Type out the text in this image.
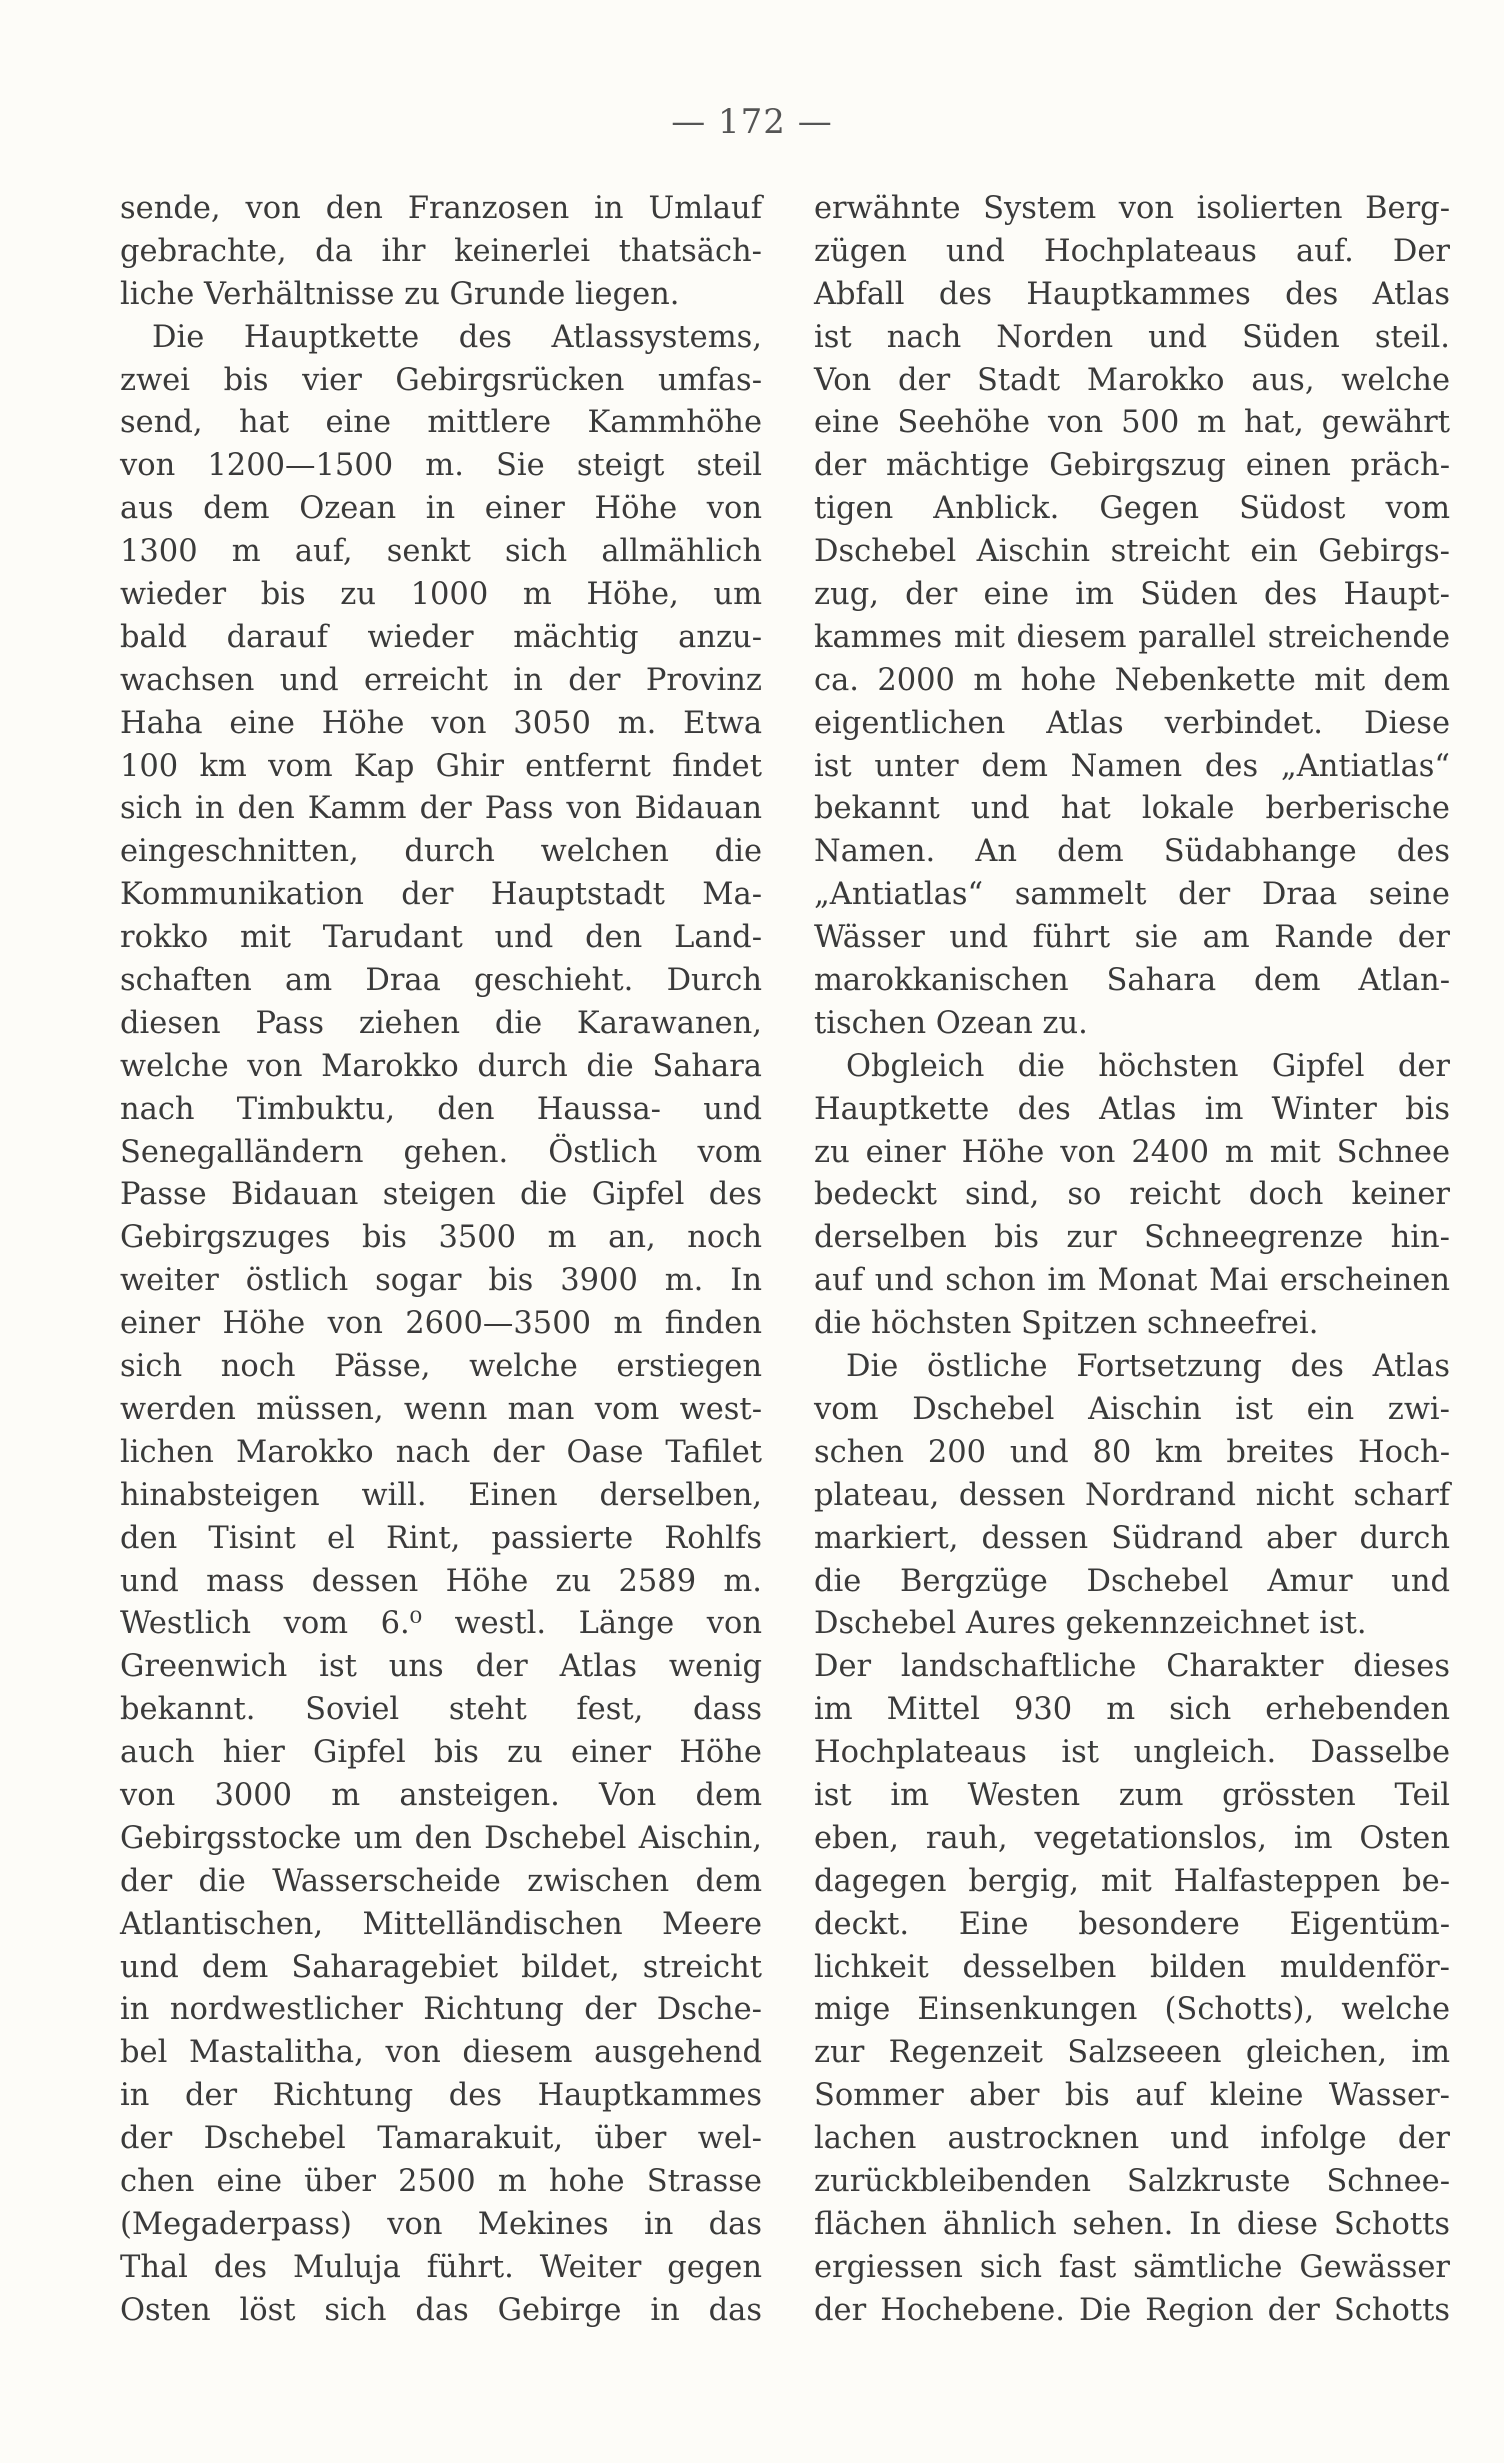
— 172 —
sende, von den Franzosen in Umlauf
gebrachte, da ihr keinerlei thatsäch-
liche Verhältnisse zu Grunde liegen.
Die Hauptkette des Atlassystems,
zwei bis vier Gebirgsrücken umfas-
send, hat eine mittlere Kammhöhe
von 1200—1500 m. Sie steigt steil
aus dem Ozean in einer Höhe von
1300 m auf, senkt sich allmählich
wieder bis zu 1000 m Höhe, um
bald darauf wieder mächtig anzu-
wachsen und erreicht in der Provinz
Haha eine Höhe von 3050 m. Etwa
100 km vom Kap Ghir entfernt findet
sich in den Kamm der Pass von Bidauan
eingeschnitten, durch welchen die
Kommunikation der Hauptstadt Ma-
rokko mit Tarudant und den Land-
schaften am Draa geschieht. Durch
diesen Pass ziehen die Karawanen,
welche von Marokko durch die Sahara
nach Timbuktu, den Haussa- und
Senegalländern gehen. Östlich vom
Passe Bidauan steigen die Gipfel des
Gebirgszuges bis 3500 m an, noch
weiter östlich sogar bis 3900 m. In
einer Höhe von 2600—3500 m finden
sich noch Pässe, welche erstiegen
werden müssen, wenn man vom west-
lichen Marokko nach der Oase Tafilet
hinabsteigen will. Einen derselben,
den Tisint el Rint, passierte Rohlfs
und mass dessen Höhe zu 2589 m.
Westlich vom 6.⁰ westl. Länge von
Greenwich ist uns der Atlas wenig
bekannt. Soviel steht fest, dass
auch hier Gipfel bis zu einer Höhe
von 3000 m ansteigen. Von dem
Gebirgsstocke um den Dschebel Aischin,
der die Wasserscheide zwischen dem
Atlantischen, Mittelländischen Meere
und dem Saharagebiet bildet, streicht
in nordwestlicher Richtung der Dsche-
bel Mastalitha, von diesem ausgehend
in der Richtung des Hauptkammes
der Dschebel Tamarakuit, über wel-
chen eine über 2500 m hohe Strasse
(Megaderpass) von Mekines in das
Thal des Muluja führt. Weiter gegen
Osten löst sich das Gebirge in das
erwähnte System von isolierten Berg-
zügen und Hochplateaus auf. Der
Abfall des Hauptkammes des Atlas
ist nach Norden und Süden steil.
Von der Stadt Marokko aus, welche
eine Seehöhe von 500 m hat, gewährt
der mächtige Gebirgszug einen präch-
tigen Anblick. Gegen Südost vom
Dschebel Aischin streicht ein Gebirgs-
zug, der eine im Süden des Haupt-
kammes mit diesem parallel streichende
ca. 2000 m hohe Nebenkette mit dem
eigentlichen Atlas verbindet. Diese
ist unter dem Namen des „Antiatlas“
bekannt und hat lokale berberische
Namen. An dem Südabhange des
„Antiatlas“ sammelt der Draa seine
Wässer und führt sie am Rande der
marokkanischen Sahara dem Atlan-
tischen Ozean zu.
Obgleich die höchsten Gipfel der
Hauptkette des Atlas im Winter bis
zu einer Höhe von 2400 m mit Schnee
bedeckt sind, so reicht doch keiner
derselben bis zur Schneegrenze hin-
auf und schon im Monat Mai erscheinen
die höchsten Spitzen schneefrei.
Die östliche Fortsetzung des Atlas
vom Dschebel Aischin ist ein zwi-
schen 200 und 80 km breites Hoch-
plateau, dessen Nordrand nicht scharf
markiert, dessen Südrand aber durch
die Bergzüge Dschebel Amur und
Dschebel Aures gekennzeichnet ist.
Der landschaftliche Charakter dieses
im Mittel 930 m sich erhebenden
Hochplateaus ist ungleich. Dasselbe
ist im Westen zum grössten Teil
eben, rauh, vegetationslos, im Osten
dagegen bergig, mit Halfasteppen be-
deckt. Eine besondere Eigentüm-
lichkeit desselben bilden muldenför-
mige Einsenkungen (Schotts), welche
zur Regenzeit Salzseeen gleichen, im
Sommer aber bis auf kleine Wasser-
lachen austrocknen und infolge der
zurückbleibenden Salzkruste Schnee-
flächen ähnlich sehen. In diese Schotts
ergiessen sich fast sämtliche Gewässer
der Hochebene. Die Region der Schotts
